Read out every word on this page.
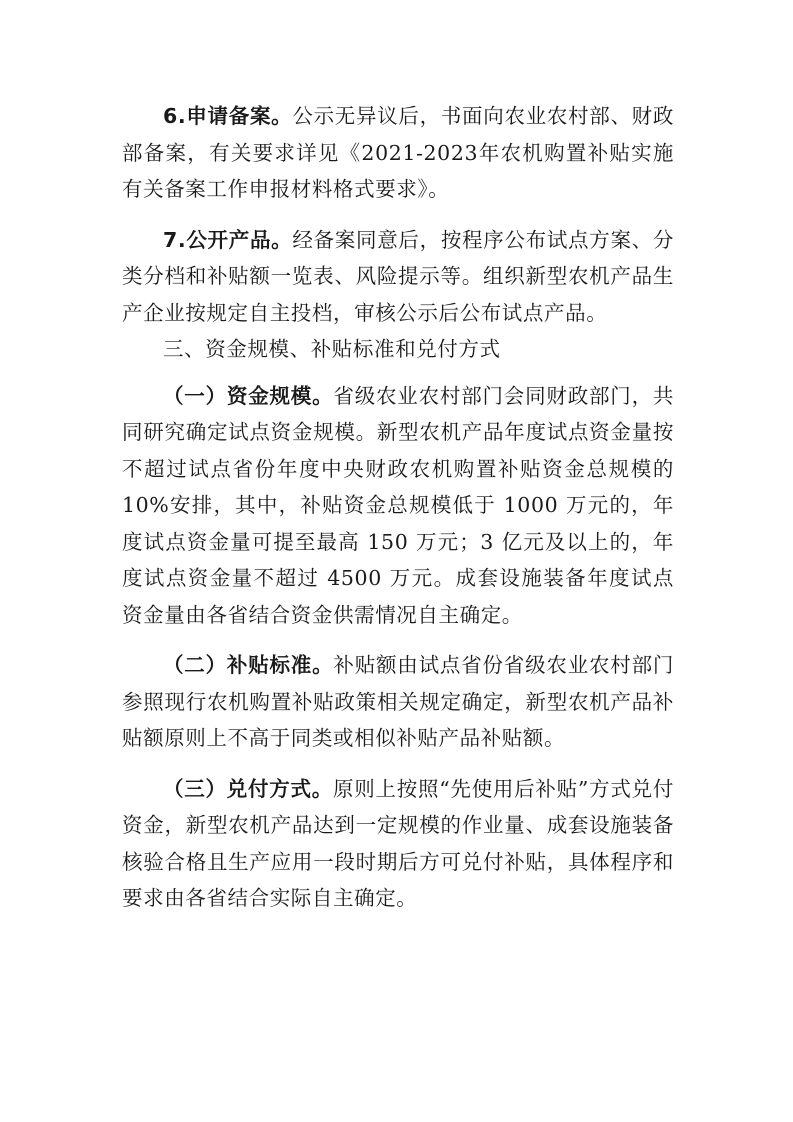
6.申请备案。公示无异议后，书面向农业农村部、财政部备案，有关要求详见《2021-2023年农机购置补贴实施有关备案工作申报材料格式要求》。

7.公开产品。经备案同意后，按程序公布试点方案、分类分档和补贴额一览表、风险提示等。组织新型农机产品生产企业按规定自主投档，审核公示后公布试点产品。

三、资金规模、补贴标准和兑付方式

（一）资金规模。省级农业农村部门会同财政部门，共同研究确定试点资金规模。新型农机产品年度试点资金量按不超过试点省份年度中央财政农机购置补贴资金总规模的 10%安排，其中，补贴资金总规模低于 1000 万元的，年度试点资金量可提至最高 150 万元；3 亿元及以上的，年度试点资金量不超过 4500 万元。成套设施装备年度试点资金量由各省结合资金供需情况自主确定。

（二）补贴标准。补贴额由试点省份省级农业农村部门参照现行农机购置补贴政策相关规定确定，新型农机产品补贴额原则上不高于同类或相似补贴产品补贴额。

（三）兑付方式。原则上按照“先使用后补贴”方式兑付资金，新型农机产品达到一定规模的作业量、成套设施装备核验合格且生产应用一段时期后方可兑付补贴，具体程序和要求由各省结合实际自主确定。
